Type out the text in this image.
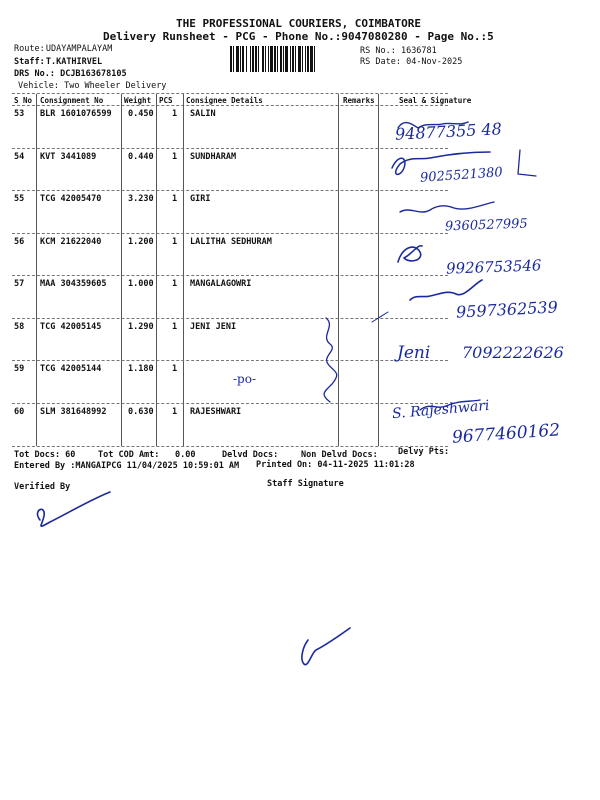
THE PROFESSIONAL COURIERS, COIMBATORE
Delivery Runsheet - PCG - Phone No.:9047080280 - Page No.:5
Route: UDAYAMPALAYAM
Staff: T.KATHIRVEL
DRS No.: DCJB163678105
Vehicle: Two Wheeler Delivery
RS No.: 1636781
RS Date: 04-Nov-2025
S No Consignment No	Weight PCS Consignee Details	Remarks	Seal & Signature
53 BLR 1601076599 0.450 1 SALIN
54 KVT 3441089	0.440 1 SUNDHARAM
55 TCG 42005470	3.230 1 GIRI
56 KCM 21622040	1.200 1 LALITHA SEDHURAM
57 MAA 304359605	1.000 1 MANGALAGOWRI
58 TCG 42005145	1.290 1 JENI JENI
59 TCG 42005144	1.180 1
60 SLM 381648992	0.630 1 RAJESHWARI
94877355 48
9025521380
9360527995
9926753546
9597362539
Jeni 7092222626
-po-
S. Rajeshwari
9677460162
Tot Docs: 60	Tot COD Amt: 0.00	Delvd Docs:	Non Delvd Docs: Delvy Pts:
Entered By :MANGAIPCG 11/04/2025 10:59:01 AM Printed On: 04-11-2025 11:01:28
Verified By	Staff Signature
